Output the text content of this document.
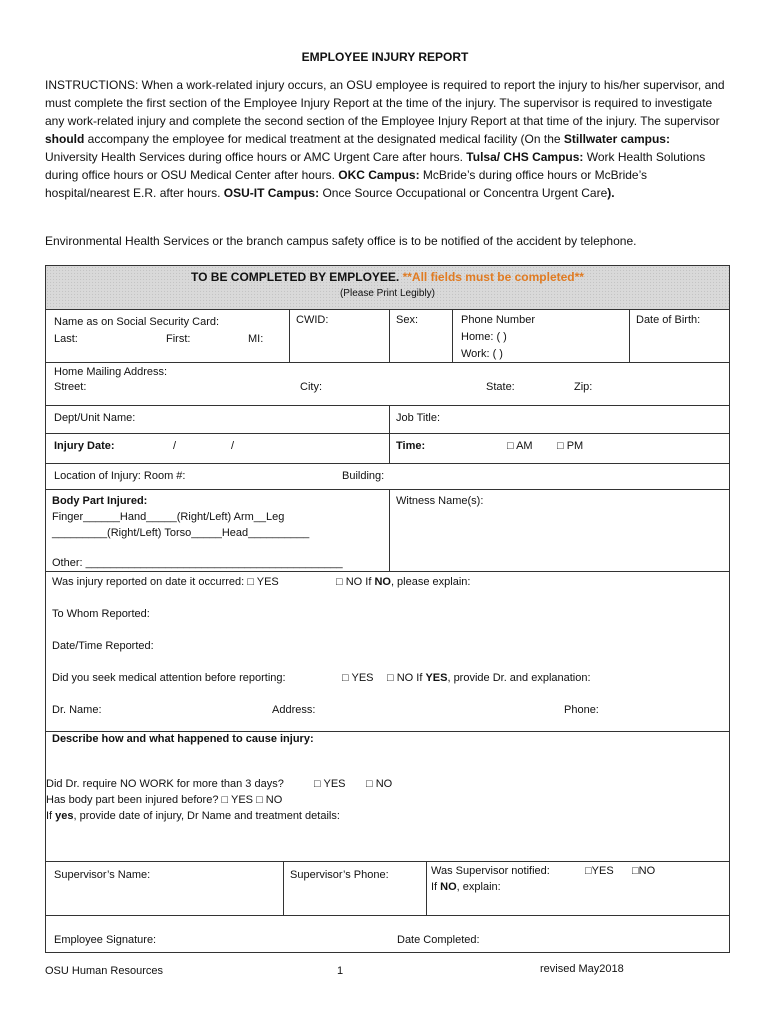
EMPLOYEE INJURY REPORT
INSTRUCTIONS: When a work-related injury occurs, an OSU employee is required to report the injury to his/her supervisor, and must complete the first section of the Employee Injury Report at the time of the injury. The supervisor is required to investigate any work-related injury and complete the second section of the Employee Injury Report at that time of the injury. The supervisor should accompany the employee for medical treatment at the designated medical facility (On the Stillwater campus: University Health Services during office hours or AMC Urgent Care after hours. Tulsa/ CHS Campus: Work Health Solutions during office hours or OSU Medical Center after hours. OKC Campus: McBride’s during office hours or McBride’s hospital/nearest E.R. after hours. OSU-IT Campus: Once Source Occupational or Concentra Urgent Care).
Environmental Health Services or the branch campus safety office is to be notified of the accident by telephone.
TO BE COMPLETED BY EMPLOYEE. **All fields must be completed**
(Please Print Legibly)
Name as on Social Security Card:
Last:	First:	MI:
CWID:	Sex:	Phone Number
Home: ( )
Work: ( )
Date of Birth:
Home Mailing Address:
Street:	City:	State:	Zip:
Dept/Unit Name:	Job Title:
Injury Date:	/	/	Time:	□ AM □ PM
Location of Injury: Room #:	Building:
Body Part Injured:
Finger______Hand_____(Right/Left) Arm__Leg
_________(Right/Left) Torso_____Head__________
Other: __________________________________________
Witness Name(s):
Was injury reported on date it occurred: □ YES	□ NO If NO, please explain:
To Whom Reported:
Date/Time Reported:
Did you seek medical attention before reporting:	□ YES □ NO If YES, provide Dr. and explanation:
Dr. Name:	Address:	Phone:
Describe how and what happened to cause injury:
Did Dr. require NO WORK for more than 3 days?	□ YES □ NO
Has body part been injured before? □ YES □ NO
If yes, provide date of injury, Dr Name and treatment details:
Supervisor’s Name:	Supervisor’s Phone:	Was Supervisor notified:	□YES □NO
If NO, explain:
Employee Signature:	Date Completed:
OSU Human Resources	1	revised May2018
